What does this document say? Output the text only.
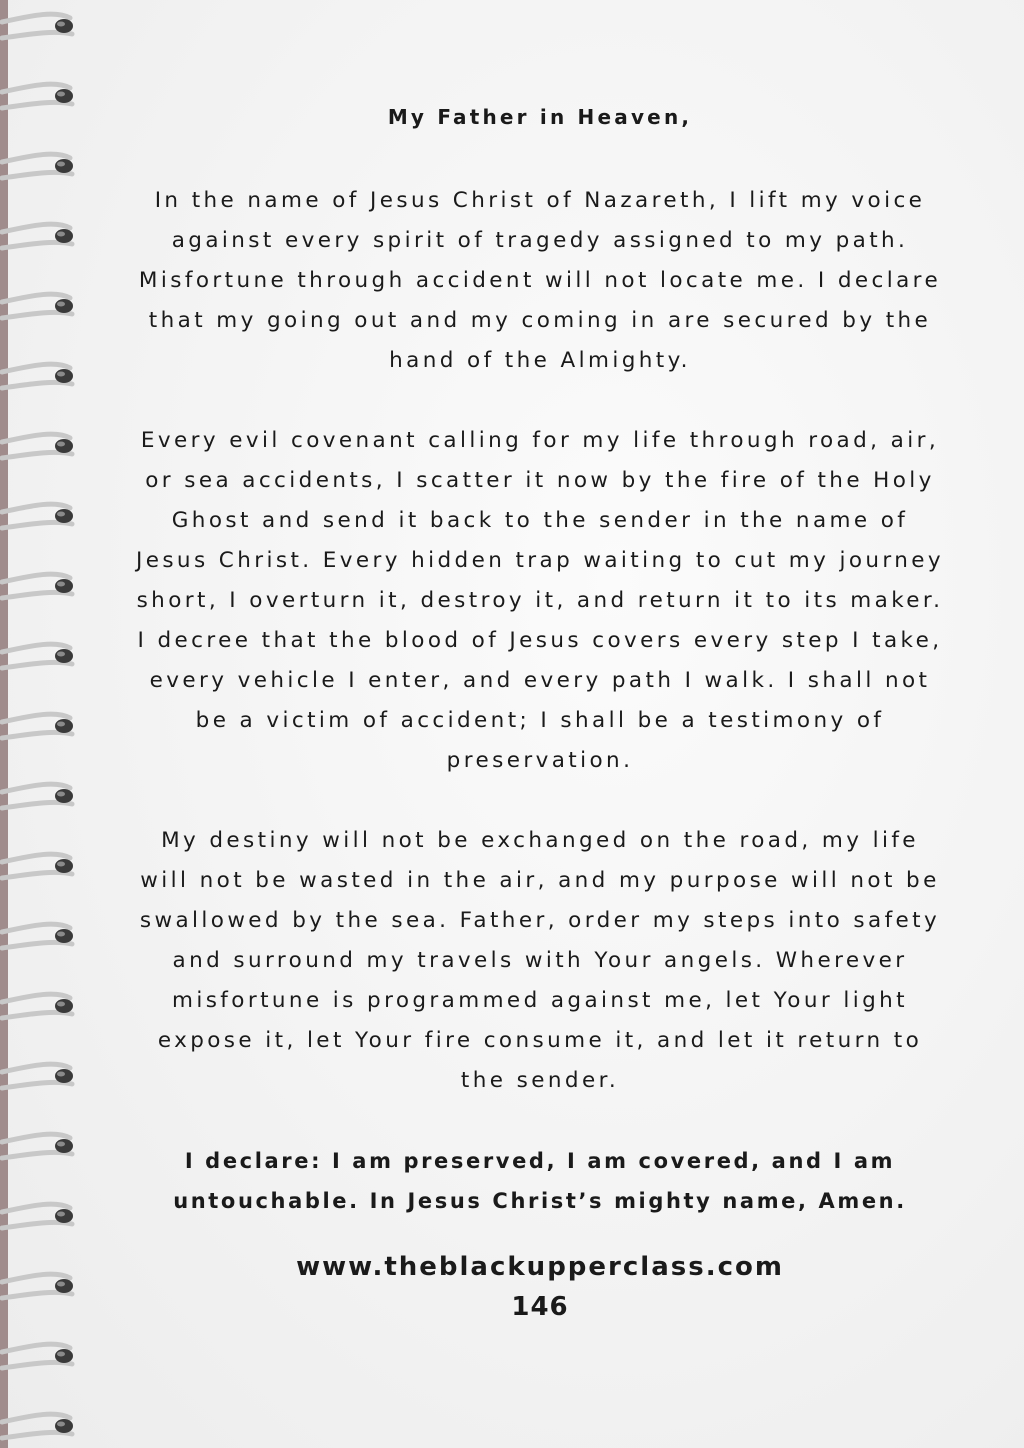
My Father in Heaven,
In the name of Jesus Christ of Nazareth, I lift my voice
against every spirit of tragedy assigned to my path.
Misfortune through accident will not locate me. I declare
that my going out and my coming in are secured by the
hand of the Almighty.
Every evil covenant calling for my life through road, air,
or sea accidents, I scatter it now by the fire of the Holy
Ghost and send it back to the sender in the name of
Jesus Christ. Every hidden trap waiting to cut my journey
short, I overturn it, destroy it, and return it to its maker.
I decree that the blood of Jesus covers every step I take,
every vehicle I enter, and every path I walk. I shall not
be a victim of accident; I shall be a testimony of
preservation.
My destiny will not be exchanged on the road, my life
will not be wasted in the air, and my purpose will not be
swallowed by the sea. Father, order my steps into safety
and surround my travels with Your angels. Wherever
misfortune is programmed against me, let Your light
expose it, let Your fire consume it, and let it return to
the sender.
I declare: I am preserved, I am covered, and I am
untouchable. In Jesus Christ’s mighty name, Amen.
www.theblackupperclass.com
146
